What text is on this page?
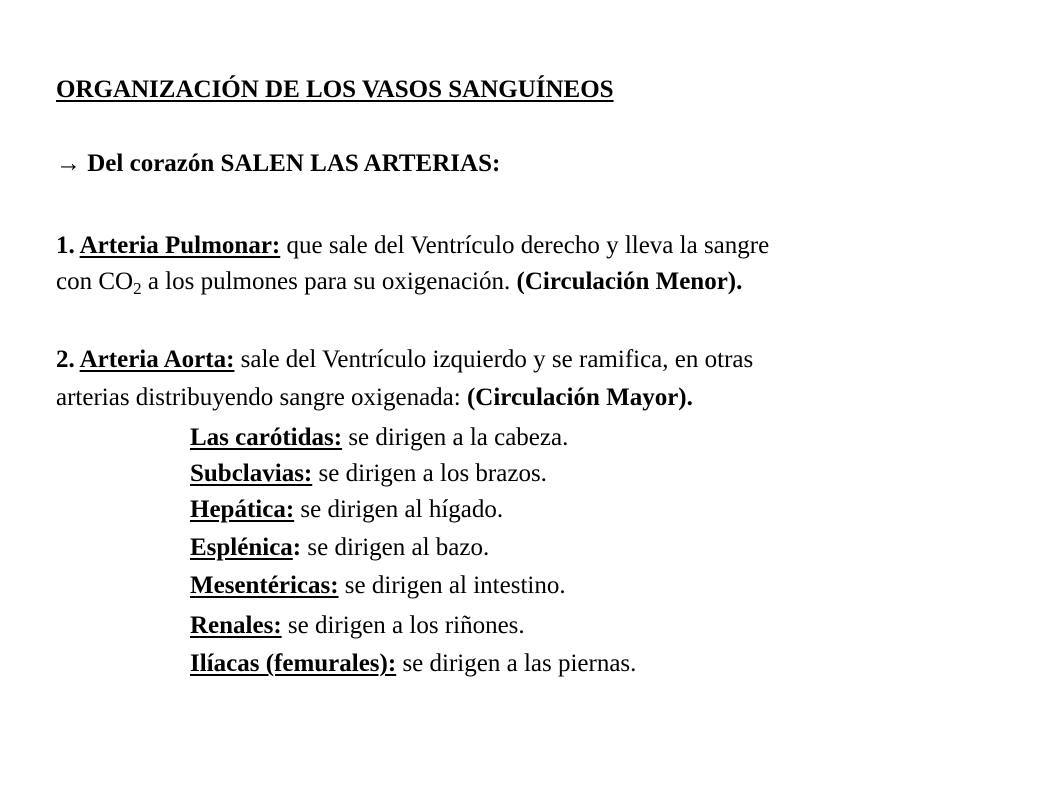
ORGANIZACIÓN DE LOS VASOS SANGUÍNEOS
→ Del corazón SALEN LAS ARTERIAS:
1. Arteria Pulmonar: que sale del Ventrículo derecho y lleva la sangre
con $CO_2$ a los pulmones para su oxigenación. (Circulación Menor).
2. Arteria Aorta: sale del Ventrículo izquierdo y se ramifica, en otras
arterias distribuyendo sangre oxigenada: (Circulación Mayor).
Las carótidas: se dirigen a la cabeza.
Subclavias: se dirigen a los brazos.
Hepática: se dirigen al hígado.
Esplénica: se dirigen al bazo.
Mesentéricas: se dirigen al intestino.
Renales: se dirigen a los riñones.
Ilíacas (femurales): se dirigen a las piernas.
